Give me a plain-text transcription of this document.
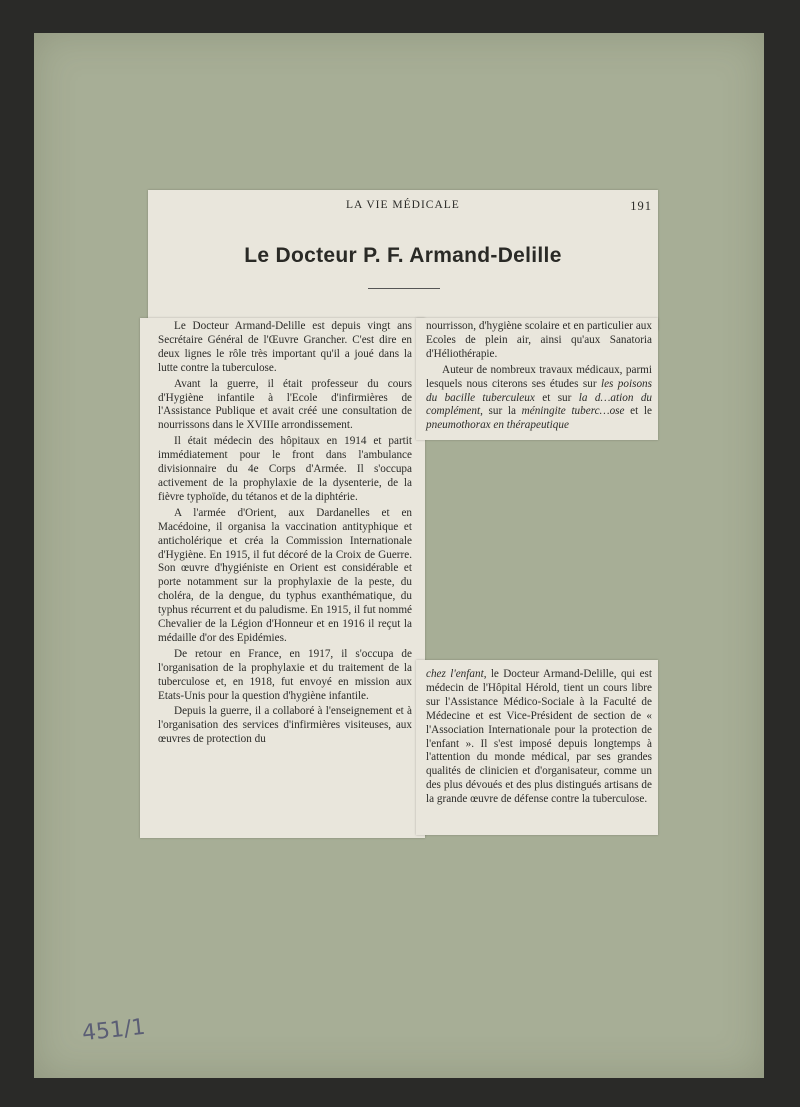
LA VIE MÉDICALE	191
Le Docteur P. F. Armand-Delille

Le Docteur Armand-Delille est depuis vingt ans Secrétaire Général de l'Œuvre Grancher. C'est dire en deux lignes le rôle très important qu'il a joué dans la lutte contre la tuberculose.

Avant la guerre, il était professeur du cours d'Hygiène infantile à l'Ecole d'infirmières de l'Assistance Publique et avait créé une consultation de nourrissons dans le XVIIIe arrondissement.

Il était médecin des hôpitaux en 1914 et partit immédiatement pour le front dans l'ambulance divisionnaire du 4e Corps d'Armée. Il s'occupa activement de la prophylaxie de la dysenterie, de la fièvre typhoïde, du tétanos et de la diphtérie.

A l'armée d'Orient, aux Dardanelles et en Macédoine, il organisa la vaccination antityphique et anticholérique et créa la Commission Internationale d'Hygiène. En 1915, il fut décoré de la Croix de Guerre. Son œuvre d'hygiéniste en Orient est considérable et porte notamment sur la prophylaxie de la peste, du choléra, de la dengue, du typhus exanthématique, du typhus récurrent et du paludisme. En 1915, il fut nommé Chevalier de la Légion d'Honneur et en 1916 il reçut la médaille d'or des Epidémies.

De retour en France, en 1917, il s'occupa de l'organisation de la prophylaxie et du traitement de la tuberculose et, en 1918, fut envoyé en mission aux Etats-Unis pour la question d'hygiène infantile.

Depuis la guerre, il a collaboré à l'enseignement et à l'organisation des services d'infirmières visiteuses, aux œuvres de protection du

nourrisson, d'hygiène scolaire et en particulier aux Ecoles de plein air, ainsi qu'aux Sanatoria d'Héliothérapie.

Auteur de nombreux travaux médicaux, parmi lesquels nous citerons ses études sur les poisons du bacille tuberculeux et sur la d…ation du complément, sur la méningite tuberc…ose et le pneumothorax en thérapeutique

chez l'enfant, le Docteur Armand-Delille, qui est médecin de l'Hôpital Hérold, tient un cours libre sur l'Assistance Médico-Sociale à la Faculté de Médecine et est Vice-Président de section de « l'Association Internationale pour la protection de l'enfant ». Il s'est imposé depuis longtemps à l'attention du monde médical, par ses grandes qualités de clinicien et d'organisateur, comme un des plus dévoués et des plus distingués artisans de la grande œuvre de défense contre la tuberculose.

451/1
